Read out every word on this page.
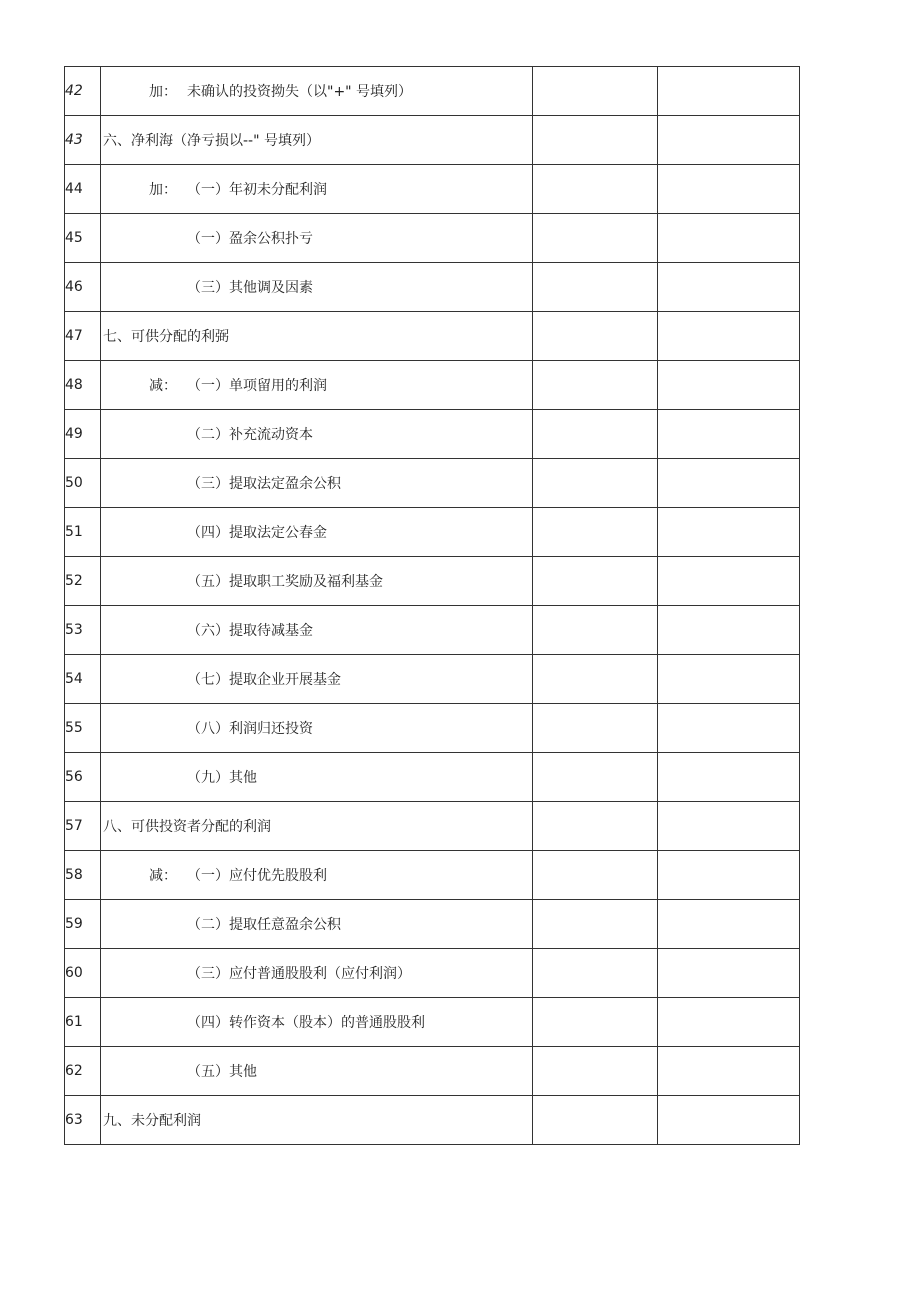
42	加： 未确认的投资拗失（以"+" 号填列）		
43	六、净利海（净亏损以--" 号填列）		
44	加： （一）年初未分配利润		
45	（一）盈余公积扑亏		
46	（三）其他调及因素		
47	七、可供分配的利弼		
48	减： （一）单项留用的利润		
49	（二）补充流动资本		
50	（三）提取法定盈余公积		
51	（四）提取法定公春金		
52	（五）提取职工奖励及福利基金		
53	（六）提取待减基金		
54	（七）提取企业开展基金		
55	（八）利润归还投资		
56	（九）其他		
57	八、可供投资者分配的利润		
58	减： （一）应付优先股股利		
59	（二）提取任意盈余公积		
60	（三）应付普通股股利（应付利润）		
61	（四）转作资本（股本）的普通股股利		
62	（五）其他		
63	九、未分配利润		
